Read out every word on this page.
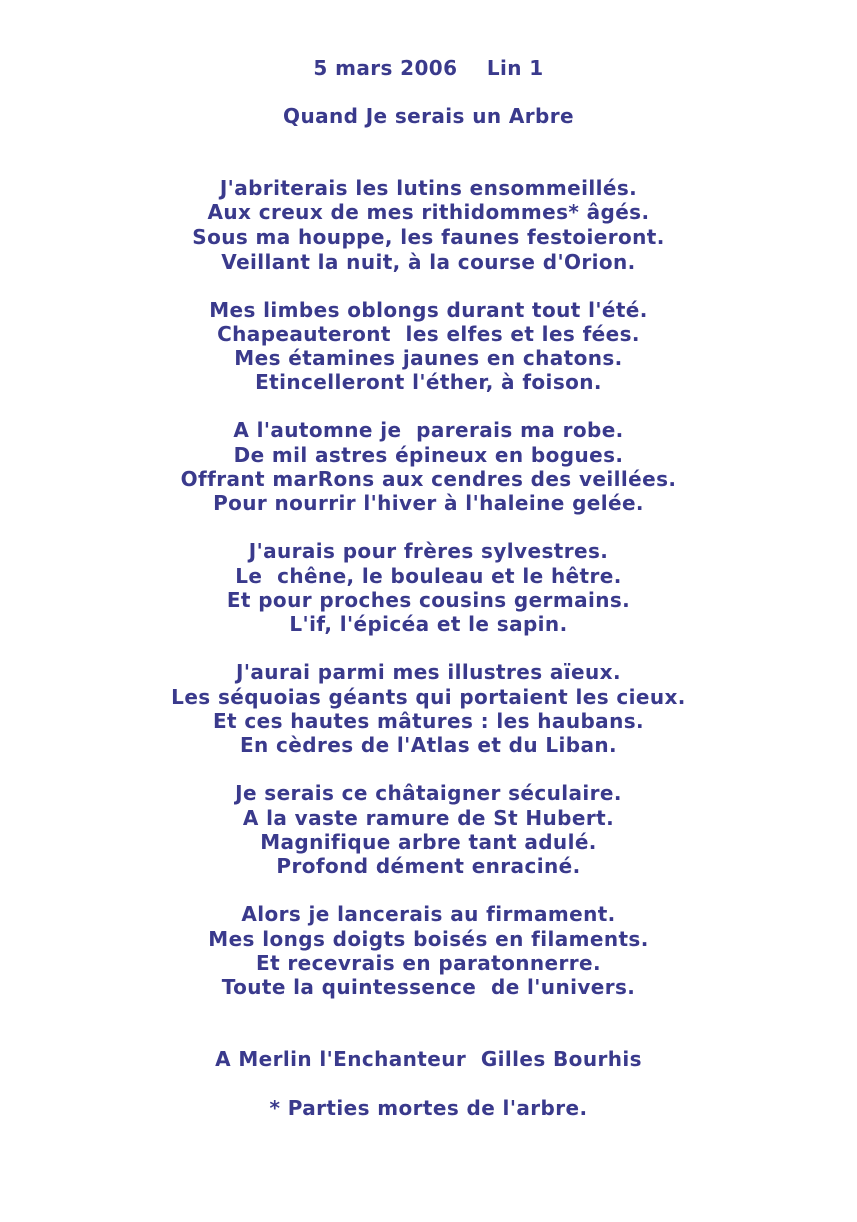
5 mars 2006    Lin 1
Quand Je serais un Arbre
J'abriterais les lutins ensommeillés.
Aux creux de mes rithidommes* âgés.
Sous ma houppe, les faunes festoieront.
Veillant la nuit, à la course d'Orion.
Mes limbes oblongs durant tout l'été.
Chapeauteront  les elfes et les fées.
Mes étamines jaunes en chatons.
Etincelleront l'éther, à foison.
A l'automne je  parerais ma robe.
De mil astres épineux en bogues.
Offrant marRons aux cendres des veillées.
Pour nourrir l'hiver à l'haleine gelée.
J'aurais pour frères sylvestres.
Le  chêne, le bouleau et le hêtre.
Et pour proches cousins germains.
L'if, l'épicéa et le sapin.
J'aurai parmi mes illustres aïeux.
Les séquoias géants qui portaient les cieux.
Et ces hautes mâtures : les haubans.
En cèdres de l'Atlas et du Liban.
Je serais ce châtaigner séculaire.
A la vaste ramure de St Hubert.
Magnifique arbre tant adulé.
Profond dément enraciné.
Alors je lancerais au firmament.
Mes longs doigts boisés en filaments.
Et recevrais en paratonnerre.
Toute la quintessence  de l'univers.
A Merlin l'Enchanteur  Gilles Bourhis
* Parties mortes de l'arbre.
